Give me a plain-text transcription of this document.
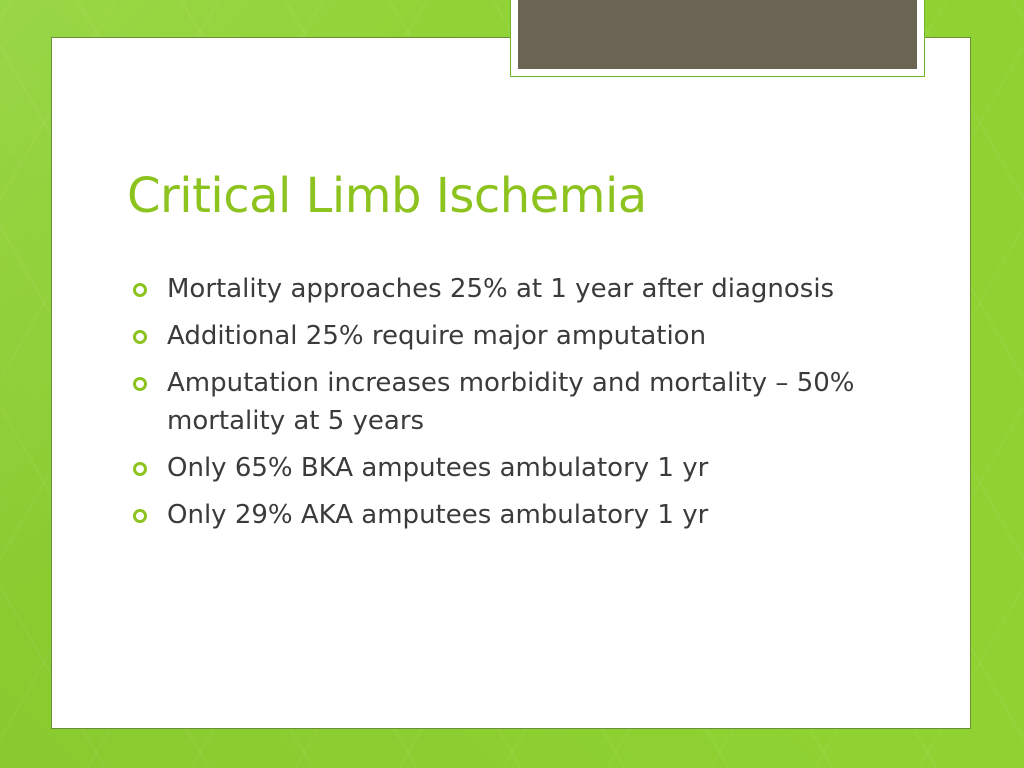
Critical Limb Ischemia
Mortality approaches 25% at 1 year after diagnosis
Additional 25% require major amputation
Amputation increases morbidity and mortality – 50% mortality at 5 years
Only 65% BKA amputees ambulatory 1 yr
Only 29% AKA amputees ambulatory 1 yr
